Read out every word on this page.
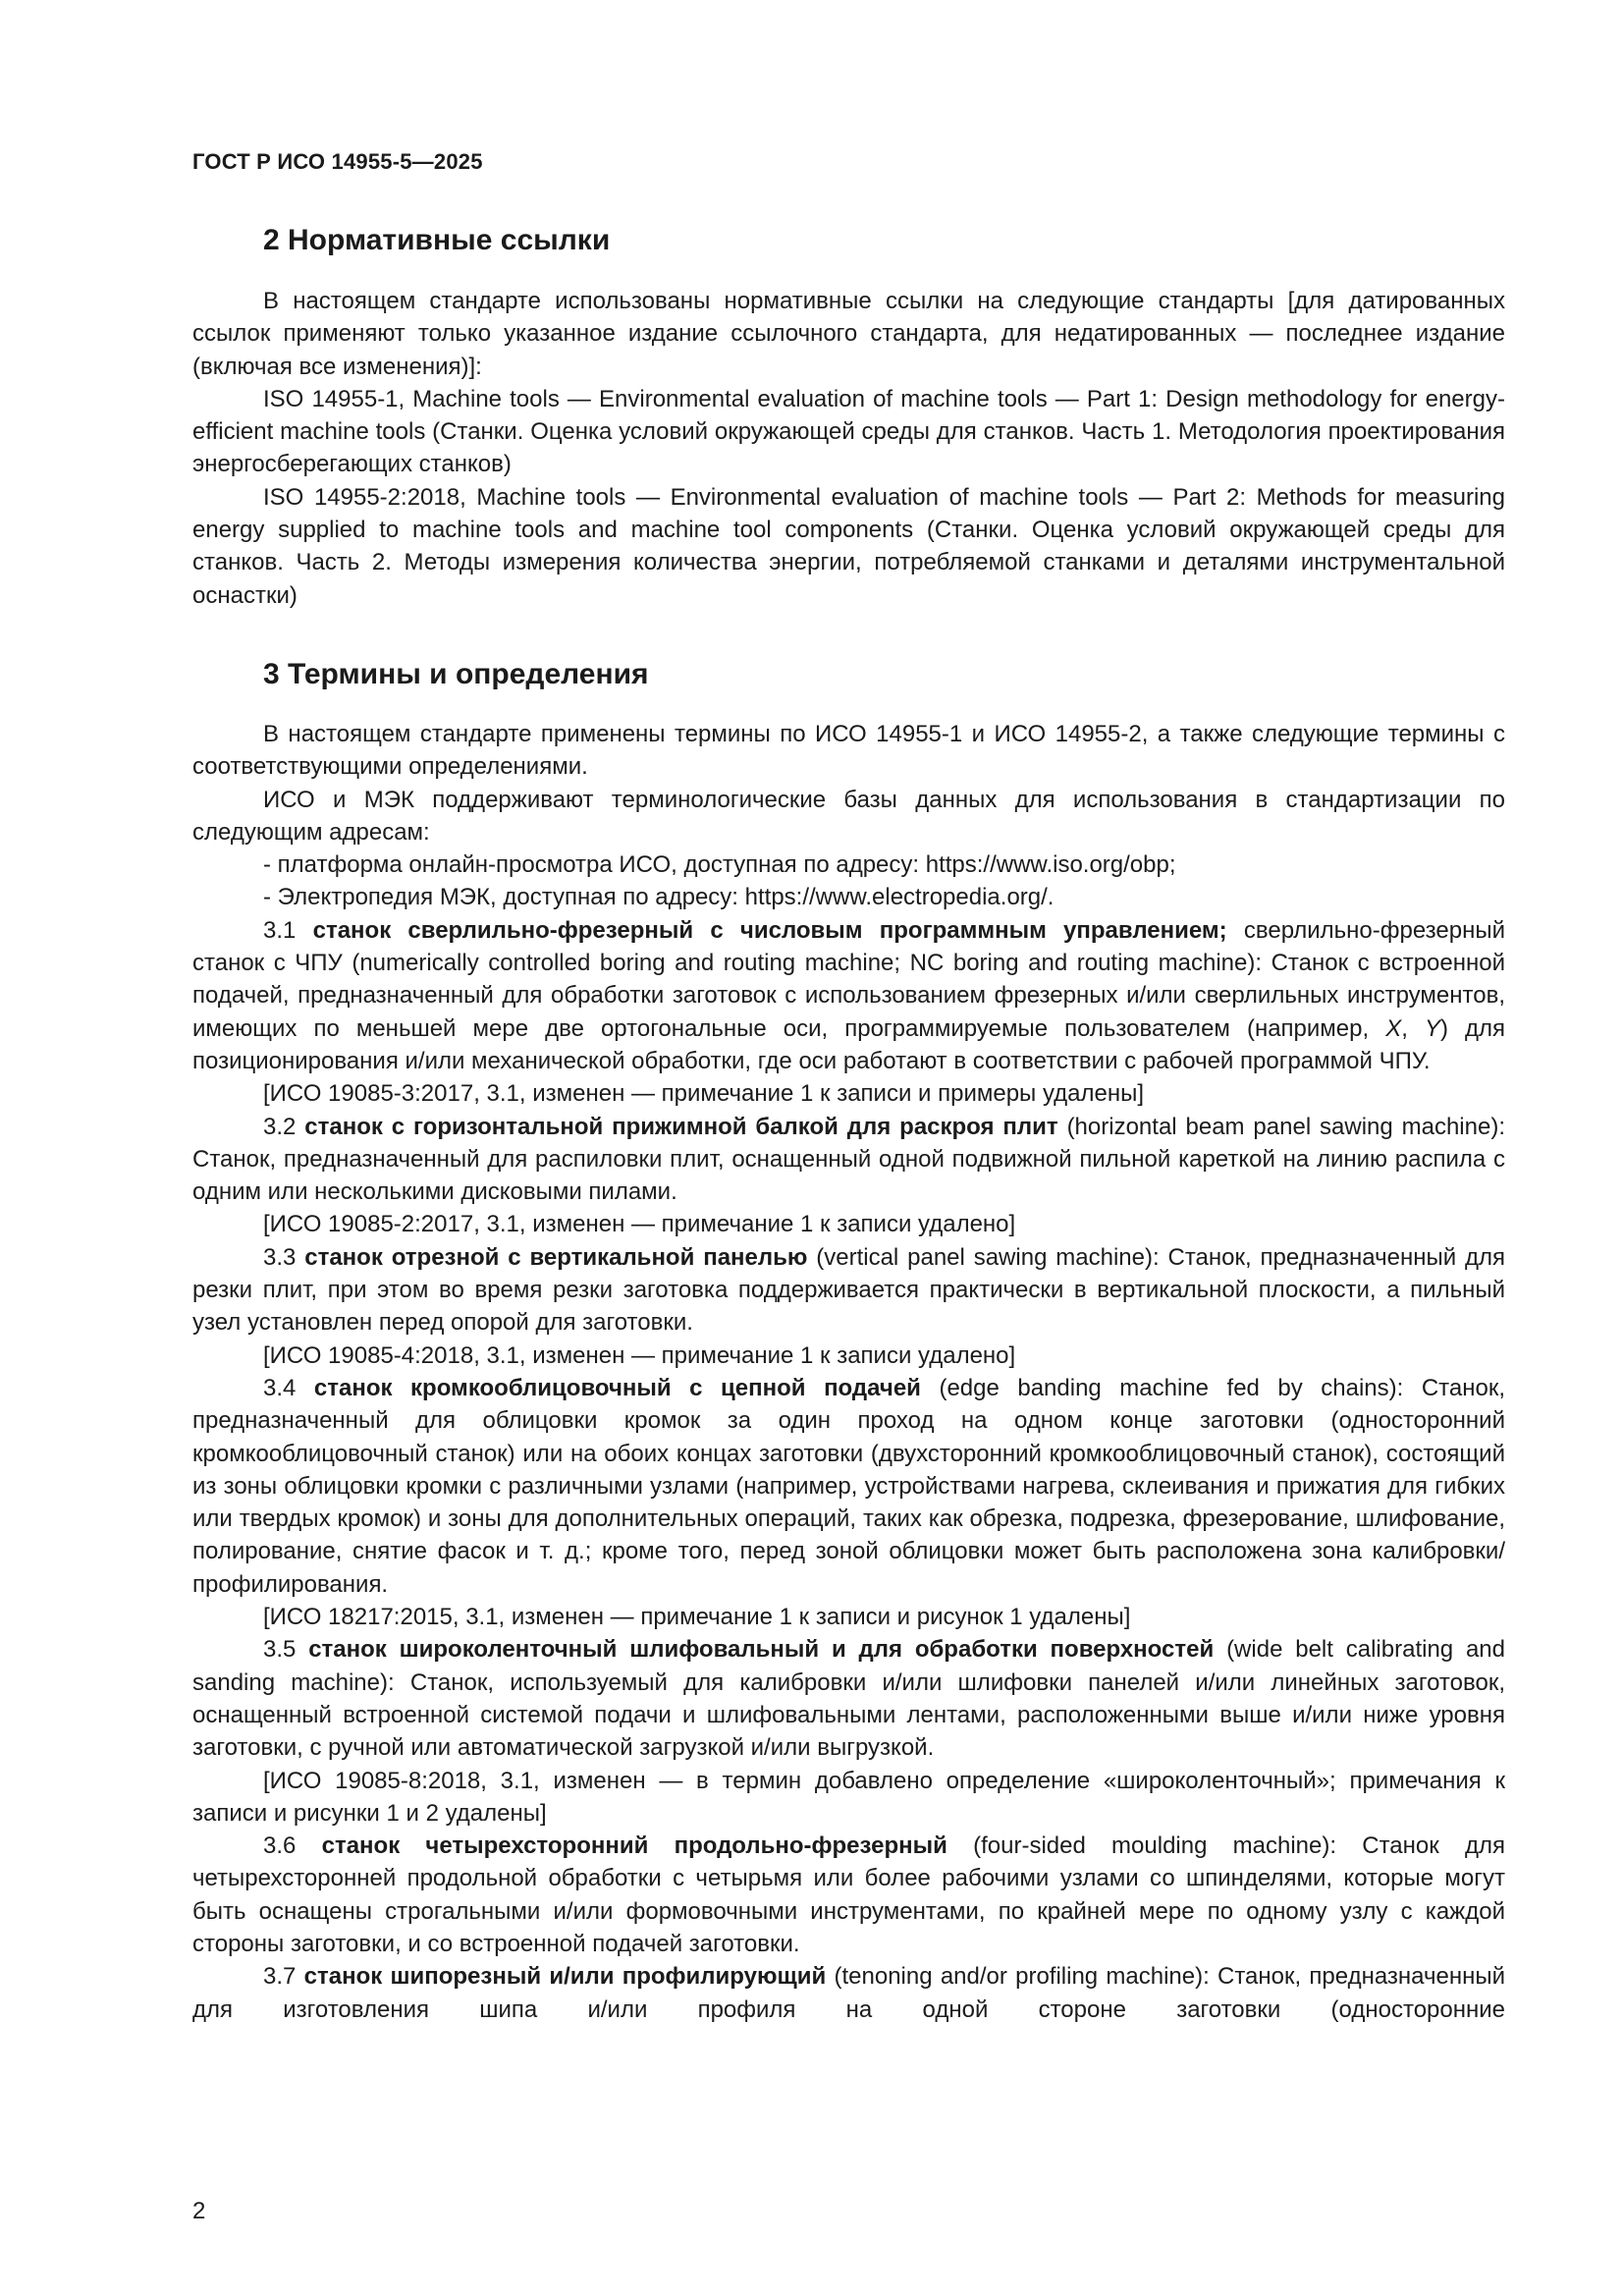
ГОСТ Р ИСО 14955-5—2025
2 Нормативные ссылки

В настоящем стандарте использованы нормативные ссылки на следующие стандарты [для датированных ссылок применяют только указанное издание ссылочного стандарта, для недатированных — последнее издание (включая все изменения)]:

ISO 14955-1, Machine tools — Environmental evaluation of machine tools — Part 1: Design methodology for energy-efficient machine tools (Станки. Оценка условий окружающей среды для станков. Часть 1. Методология проектирования энергосберегающих станков)

ISO 14955-2:2018, Machine tools — Environmental evaluation of machine tools — Part 2: Methods for measuring energy supplied to machine tools and machine tool components (Станки. Оценка условий окружающей среды для станков. Часть 2. Методы измерения количества энергии, потребляемой станками и деталями инструментальной оснастки)

3 Термины и определения

В настоящем стандарте применены термины по ИСО 14955-1 и ИСО 14955-2, а также следующие термины с соответствующими определениями.

ИСО и МЭК поддерживают терминологические базы данных для использования в стандартизации по следующим адресам:

- платформа онлайн-просмотра ИСО, доступная по адресу: https://www.iso.org/obp;

- Электропедия МЭК, доступная по адресу: https://www.electropedia.org/.

3.1 станок сверлильно-фрезерный с числовым программным управлением; сверлильно-фрезерный станок с ЧПУ (numerically controlled boring and routing machine; NC boring and routing machine): Станок с встроенной подачей, предназначенный для обработки заготовок с использованием фрезерных и/или сверлильных инструментов, имеющих по меньшей мере две ортогональные оси, программируемые пользователем (например, X, Y) для позиционирования и/или механической обработки, где оси работают в соответствии с рабочей программой ЧПУ.

[ИСО 19085-3:2017, 3.1, изменен — примечание 1 к записи и примеры удалены]

3.2 станок с горизонтальной прижимной балкой для раскроя плит (horizontal beam panel sawing machine): Станок, предназначенный для распиловки плит, оснащенный одной подвижной пильной кареткой на линию распила с одним или несколькими дисковыми пилами.

[ИСО 19085-2:2017, 3.1, изменен — примечание 1 к записи удалено]

3.3 станок отрезной с вертикальной панелью (vertical panel sawing machine): Станок, предназначенный для резки плит, при этом во время резки заготовка поддерживается практически в вертикальной плоскости, а пильный узел установлен перед опорой для заготовки.

[ИСО 19085-4:2018, 3.1, изменен — примечание 1 к записи удалено]

3.4 станок кромкооблицовочный с цепной подачей (edge banding machine fed by chains): Станок, предназначенный для облицовки кромок за один проход на одном конце заготовки (односторонний кромкооблицовочный станок) или на обоих концах заготовки (двухсторонний кромкооблицовочный станок), состоящий из зоны облицовки кромки с различными узлами (например, устройствами нагрева, склеивания и прижатия для гибких или твердых кромок) и зоны для дополнительных операций, таких как обрезка, подрезка, фрезерование, шлифование, полирование, снятие фасок и т. д.; кроме того, перед зоной облицовки может быть расположена зона калибровки/профилирования.

[ИСО 18217:2015, 3.1, изменен — примечание 1 к записи и рисунок 1 удалены]

3.5 станок широколенточный шлифовальный и для обработки поверхностей (wide belt calibrating and sanding machine): Станок, используемый для калибровки и/или шлифовки панелей и/или линейных заготовок, оснащенный встроенной системой подачи и шлифовальными лентами, расположенными выше и/или ниже уровня заготовки, с ручной или автоматической загрузкой и/или выгрузкой.

[ИСО 19085-8:2018, 3.1, изменен — в термин добавлено определение «широколенточный»; примечания к записи и рисунки 1 и 2 удалены]

3.6 станок четырехсторонний продольно-фрезерный (four-sided moulding machine): Станок для четырехсторонней продольной обработки с четырьмя или более рабочими узлами со шпинделями, которые могут быть оснащены строгальными и/или формовочными инструментами, по крайней мере по одному узлу с каждой стороны заготовки, и со встроенной подачей заготовки.

3.7 станок шипорезный и/или профилирующий (tenoning and/or profiling machine): Станок, предназначенный для изготовления шипа и/или профиля на одной стороне заготовки (односторонние

2
